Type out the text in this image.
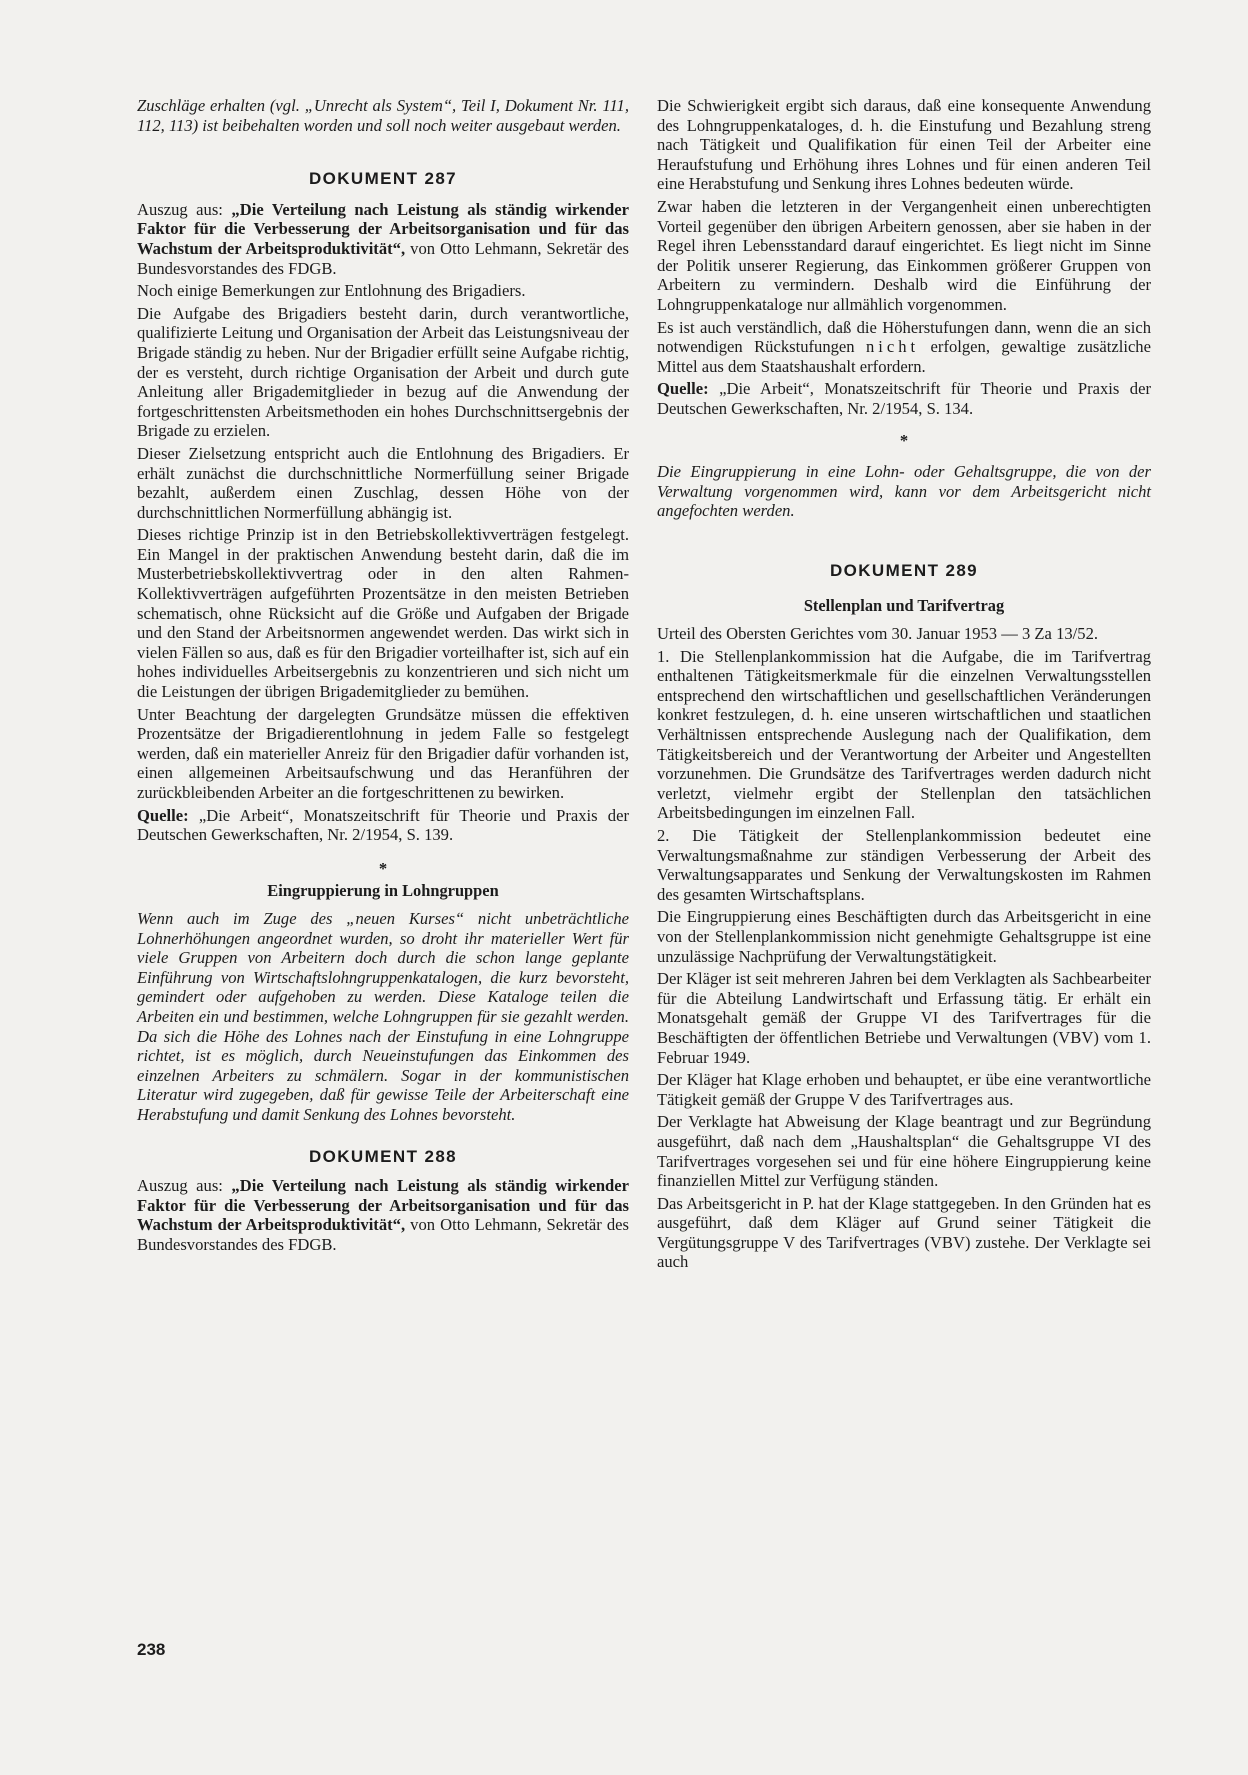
Zuschläge erhalten (vgl. „Unrecht als System“, Teil I, Dokument Nr. 111, 112, 113) ist beibehalten worden und soll noch weiter ausgebaut werden.

DOKUMENT 287

Auszug aus: „Die Verteilung nach Leistung als ständig wirkender Faktor für die Verbesserung der Arbeitsorganisation und für das Wachstum der Arbeitsproduktivität“, von Otto Lehmann, Sekretär des Bundesvorstandes des FDGB.

Noch einige Bemerkungen zur Entlohnung des Brigadiers.

Die Aufgabe des Brigadiers besteht darin, durch verantwortliche, qualifizierte Leitung und Organisation der Arbeit das Leistungsniveau der Brigade ständig zu heben. Nur der Brigadier erfüllt seine Aufgabe richtig, der es versteht, durch richtige Organisation der Arbeit und durch gute Anleitung aller Brigademitglieder in bezug auf die Anwendung der fortgeschrittensten Arbeitsmethoden ein hohes Durchschnittsergebnis der Brigade zu erzielen.

Dieser Zielsetzung entspricht auch die Entlohnung des Brigadiers. Er erhält zunächst die durchschnittliche Normerfüllung seiner Brigade bezahlt, außerdem einen Zuschlag, dessen Höhe von der durchschnittlichen Normerfüllung abhängig ist.

Dieses richtige Prinzip ist in den Betriebskollektivverträgen festgelegt. Ein Mangel in der praktischen Anwendung besteht darin, daß die im Musterbetriebskollektivvertrag oder in den alten Rahmen-Kollektivverträgen aufgeführten Prozentsätze in den meisten Betrieben schematisch, ohne Rücksicht auf die Größe und Aufgaben der Brigade und den Stand der Arbeitsnormen angewendet werden. Das wirkt sich in vielen Fällen so aus, daß es für den Brigadier vorteilhafter ist, sich auf ein hohes individuelles Arbeitsergebnis zu konzentrieren und sich nicht um die Leistungen der übrigen Brigademitglieder zu bemühen.

Unter Beachtung der dargelegten Grundsätze müssen die effektiven Prozentsätze der Brigadierentlohnung in jedem Falle so festgelegt werden, daß ein materieller Anreiz für den Brigadier dafür vorhanden ist, einen allgemeinen Arbeitsaufschwung und das Heranführen der zurückbleibenden Arbeiter an die fortgeschrittenen zu bewirken.

Quelle: „Die Arbeit“, Monatszeitschrift für Theorie und Praxis der Deutschen Gewerkschaften, Nr. 2/1954, S. 139.

*

Eingruppierung in Lohngruppen

Wenn auch im Zuge des „neuen Kurses“ nicht unbeträchtliche Lohnerhöhungen angeordnet wurden, so droht ihr materieller Wert für viele Gruppen von Arbeitern doch durch die schon lange geplante Einführung von Wirtschaftslohngruppenkatalogen, die kurz bevorsteht, gemindert oder aufgehoben zu werden. Diese Kataloge teilen die Arbeiten ein und bestimmen, welche Lohngruppen für sie gezahlt werden. Da sich die Höhe des Lohnes nach der Einstufung in eine Lohngruppe richtet, ist es möglich, durch Neueinstufungen das Einkommen des einzelnen Arbeiters zu schmälern. Sogar in der kommunistischen Literatur wird zugegeben, daß für gewisse Teile der Arbeiterschaft eine Herabstufung und damit Senkung des Lohnes bevorsteht.

DOKUMENT 288

Auszug aus: „Die Verteilung nach Leistung als ständig wirkender Faktor für die Verbesserung der Arbeitsorganisation und für das Wachstum der Arbeitsproduktivität“, von Otto Lehmann, Sekretär des Bundesvorstandes des FDGB.

Die Schwierigkeit ergibt sich daraus, daß eine konsequente Anwendung des Lohngruppenkataloges, d. h. die Einstufung und Bezahlung streng nach Tätigkeit und Qualifikation für einen Teil der Arbeiter eine Heraufstufung und Erhöhung ihres Lohnes und für einen anderen Teil eine Herabstufung und Senkung ihres Lohnes bedeuten würde.

Zwar haben die letzteren in der Vergangenheit einen unberechtigten Vorteil gegenüber den übrigen Arbeitern genossen, aber sie haben in der Regel ihren Lebensstandard darauf eingerichtet. Es liegt nicht im Sinne der Politik unserer Regierung, das Einkommen größerer Gruppen von Arbeitern zu vermindern. Deshalb wird die Einführung der Lohngruppenkataloge nur allmählich vorgenommen.

Es ist auch verständlich, daß die Höherstufungen dann, wenn die an sich notwendigen Rückstufungen nicht erfolgen, gewaltige zusätzliche Mittel aus dem Staatshaushalt erfordern.

Quelle: „Die Arbeit“, Monatszeitschrift für Theorie und Praxis der Deutschen Gewerkschaften, Nr. 2/1954, S. 134.

*

Die Eingruppierung in eine Lohn- oder Gehaltsgruppe, die von der Verwaltung vorgenommen wird, kann vor dem Arbeitsgericht nicht angefochten werden.

DOKUMENT 289
Stellenplan und Tarifvertrag

Urteil des Obersten Gerichtes vom 30. Januar 1953 — 3 Za 13/52.

1. Die Stellenplankommission hat die Aufgabe, die im Tarifvertrag enthaltenen Tätigkeitsmerkmale für die einzelnen Verwaltungsstellen entsprechend den wirtschaftlichen und gesellschaftlichen Veränderungen konkret festzulegen, d. h. eine unseren wirtschaftlichen und staatlichen Verhältnissen entsprechende Auslegung nach der Qualifikation, dem Tätigkeitsbereich und der Verantwortung der Arbeiter und Angestellten vorzunehmen. Die Grundsätze des Tarifvertrages werden dadurch nicht verletzt, vielmehr ergibt der Stellenplan den tatsächlichen Arbeitsbedingungen im einzelnen Fall.

2. Die Tätigkeit der Stellenplankommission bedeutet eine Verwaltungsmaßnahme zur ständigen Verbesserung der Arbeit des Verwaltungsapparates und Senkung der Verwaltungskosten im Rahmen des gesamten Wirtschaftsplans.

Die Eingruppierung eines Beschäftigten durch das Arbeitsgericht in eine von der Stellenplankommission nicht genehmigte Gehaltsgruppe ist eine unzulässige Nachprüfung der Verwaltungstätigkeit.

Der Kläger ist seit mehreren Jahren bei dem Verklagten als Sachbearbeiter für die Abteilung Landwirtschaft und Erfassung tätig. Er erhält ein Monatsgehalt gemäß der Gruppe VI des Tarifvertrages für die Beschäftigten der öffentlichen Betriebe und Verwaltungen (VBV) vom 1. Februar 1949.

Der Kläger hat Klage erhoben und behauptet, er übe eine verantwortliche Tätigkeit gemäß der Gruppe V des Tarifvertrages aus.

Der Verklagte hat Abweisung der Klage beantragt und zur Begründung ausgeführt, daß nach dem „Haushaltsplan“ die Gehaltsgruppe VI des Tarifvertrages vorgesehen sei und für eine höhere Eingruppierung keine finanziellen Mittel zur Verfügung ständen.

Das Arbeitsgericht in P. hat der Klage stattgegeben. In den Gründen hat es ausgeführt, daß dem Kläger auf Grund seiner Tätigkeit die Vergütungsgruppe V des Tarifvertrages (VBV) zustehe. Der Verklagte sei auch

238
